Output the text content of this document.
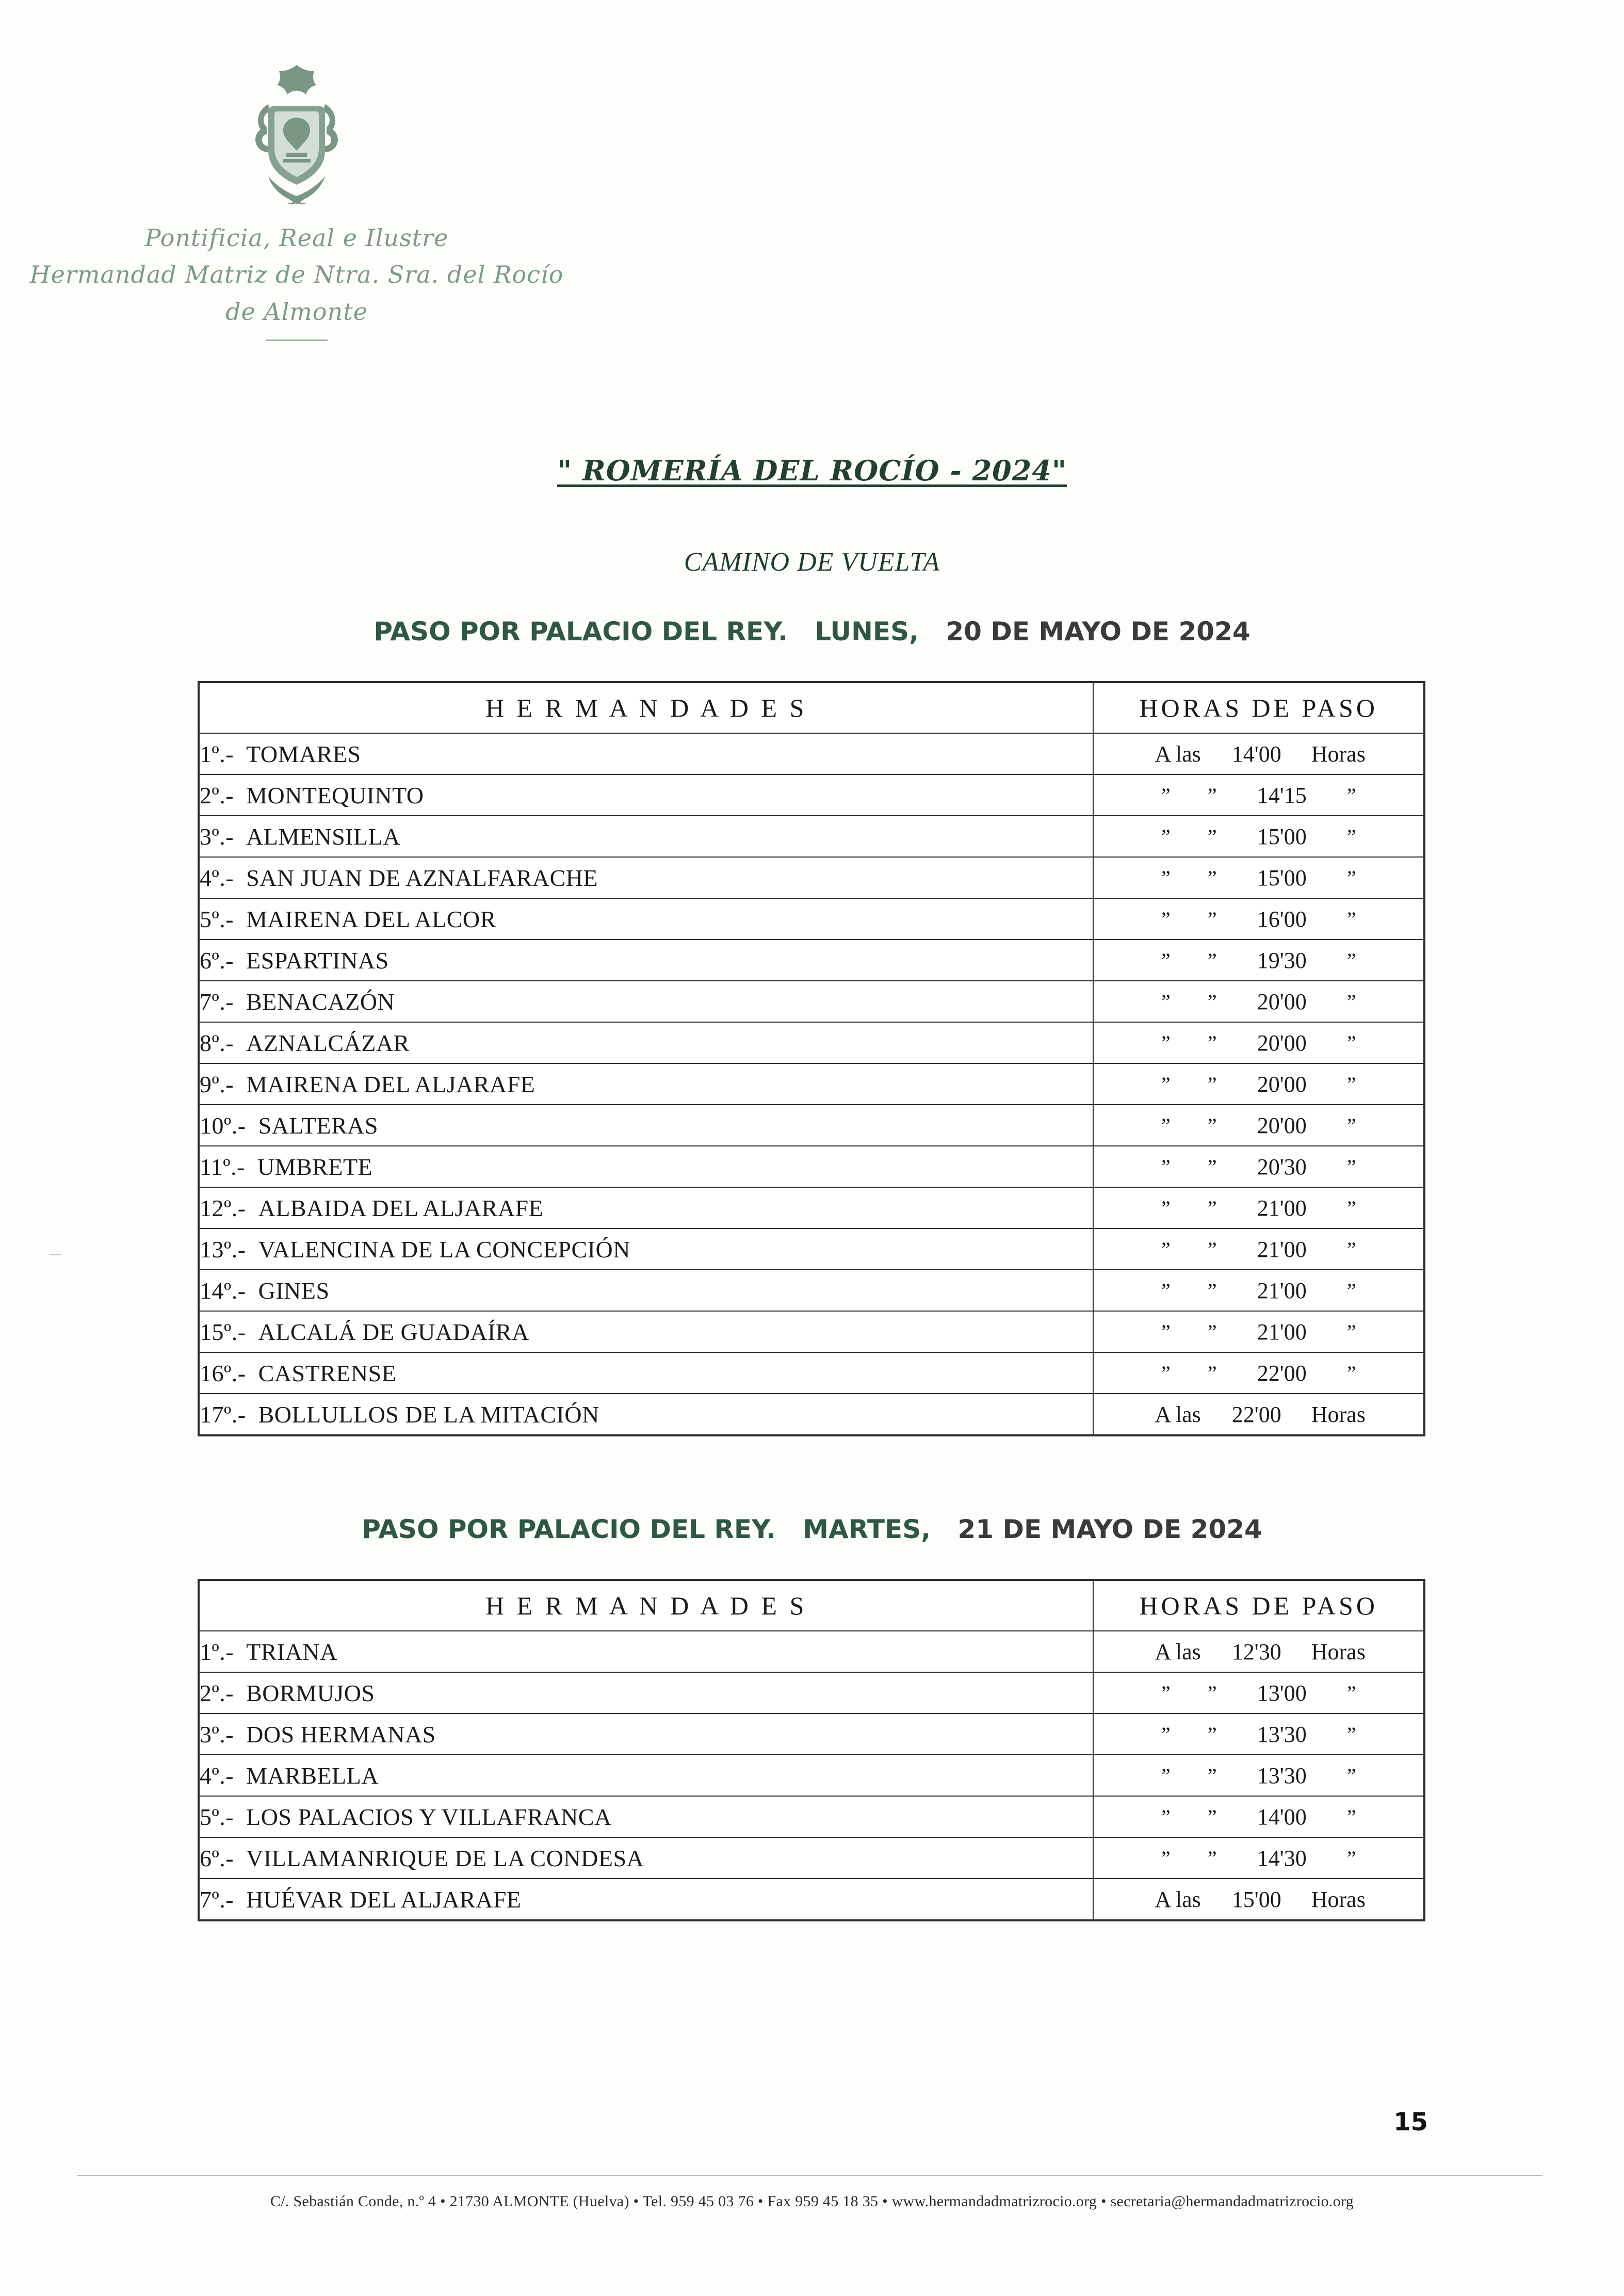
Pontificia, Real e Ilustre
Hermandad Matriz de Ntra. Sra. del Rocío
de Almonte
" ROMERÍA DEL ROCÍO - 2024"
CAMINO DE VUELTA
PASO POR PALACIO DEL REY. LUNES, 20 DE MAYO DE 2024
H E R M A N D A D E S	HORAS DE PASO
1º.- TOMARES	A las 14'00 Horas

2º.- MONTEQUINTO	” ” 14'15 ”

3º.- ALMENSILLA	” ” 15'00 ”

4º.- SAN JUAN DE AZNALFARACHE	” ” 15'00 ”

5º.- MAIRENA DEL ALCOR	” ” 16'00 ”

6º.- ESPARTINAS	” ” 19'30 ”

7º.- BENACAZÓN	” ” 20'00 ”

8º.- AZNALCÁZAR	” ” 20'00 ”

9º.- MAIRENA DEL ALJARAFE	” ” 20'00 ”

10º.- SALTERAS	” ” 20'00 ”

11º.- UMBRETE	” ” 20'30 ”

12º.- ALBAIDA DEL ALJARAFE	” ” 21'00 ”

13º.- VALENCINA DE LA CONCEPCIÓN	” ” 21'00 ”

14º.- GINES	” ” 21'00 ”

15º.- ALCALÁ DE GUADAÍRA	” ” 21'00 ”

16º.- CASTRENSE	” ” 22'00 ”

17º.- BOLLULLOS DE LA MITACIÓN	A las 22'00 Horas
PASO POR PALACIO DEL REY. MARTES, 21 DE MAYO DE 2024
H E R M A N D A D E S	HORAS DE PASO
1º.- TRIANA	A las 12'30 Horas

2º.- BORMUJOS	” ” 13'00 ”

3º.- DOS HERMANAS	” ” 13'30 ”

4º.- MARBELLA	” ” 13'30 ”

5º.- LOS PALACIOS Y VILLAFRANCA	” ” 14'00 ”

6º.- VILLAMANRIQUE DE LA CONDESA	” ” 14'30 ”

7º.- HUÉVAR DEL ALJARAFE	A las 15'00 Horas
15
C/. Sebastián Conde, n.º 4 • 21730 ALMONTE (Huelva) • Tel. 959 45 03 76 • Fax 959 45 18 35 • www.hermandadmatrizrocio.org • secretaria@hermandadmatrizrocio.org
